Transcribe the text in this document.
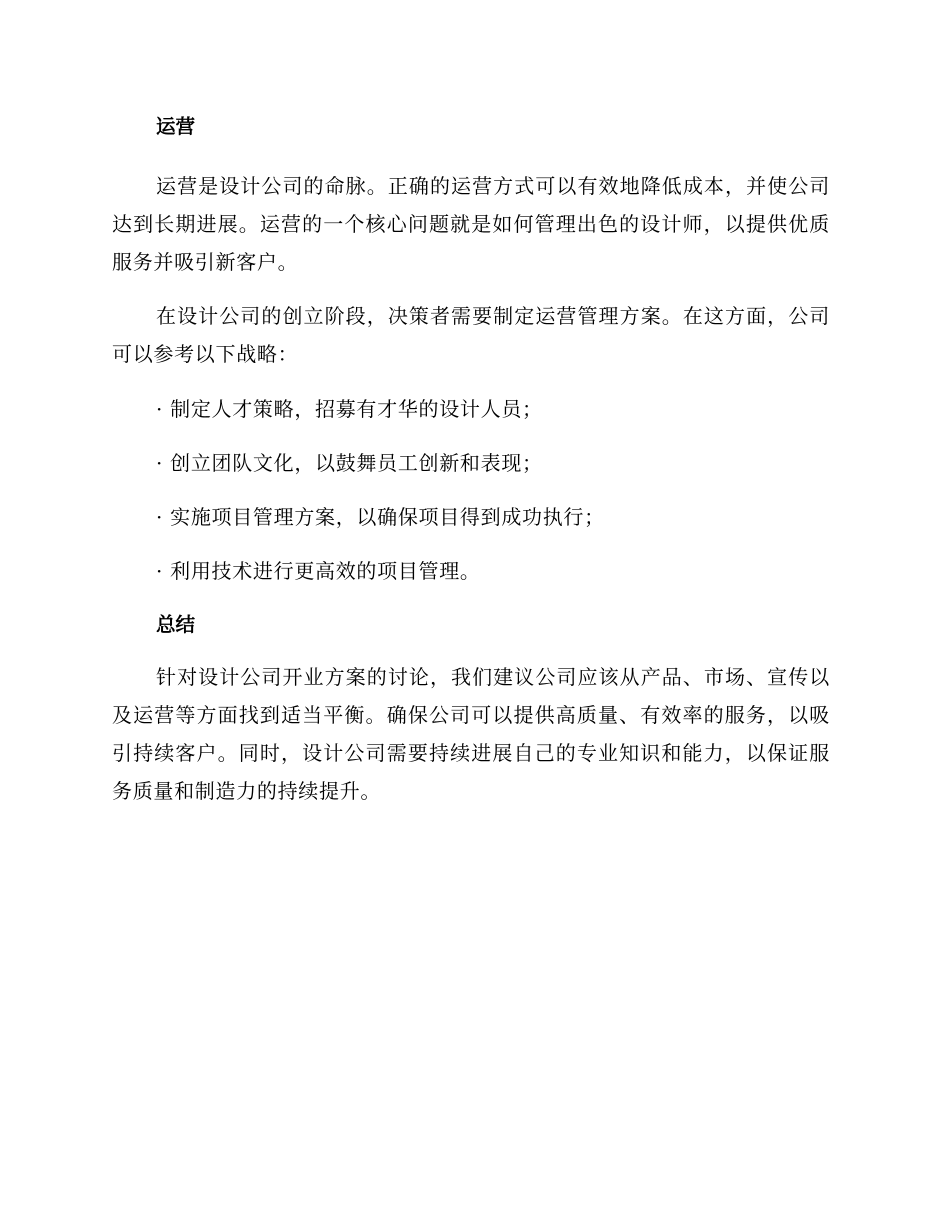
运营

运营是设计公司的命脉。正确的运营方式可以有效地降低成本，并使公司达到长期进展。运营的一个核心问题就是如何管理出色的设计师，以提供优质服务并吸引新客户。

在设计公司的创立阶段，决策者需要制定运营管理方案。在这方面，公司可以参考以下战略：

· 制定人才策略，招募有才华的设计人员；

· 创立团队文化，以鼓舞员工创新和表现；

· 实施项目管理方案，以确保项目得到成功执行；

· 利用技术进行更高效的项目管理。

总结

针对设计公司开业方案的讨论，我们建议公司应该从产品、市场、宣传以及运营等方面找到适当平衡。确保公司可以提供高质量、有效率的服务，以吸引持续客户。同时，设计公司需要持续进展自己的专业知识和能力，以保证服务质量和制造力的持续提升。
